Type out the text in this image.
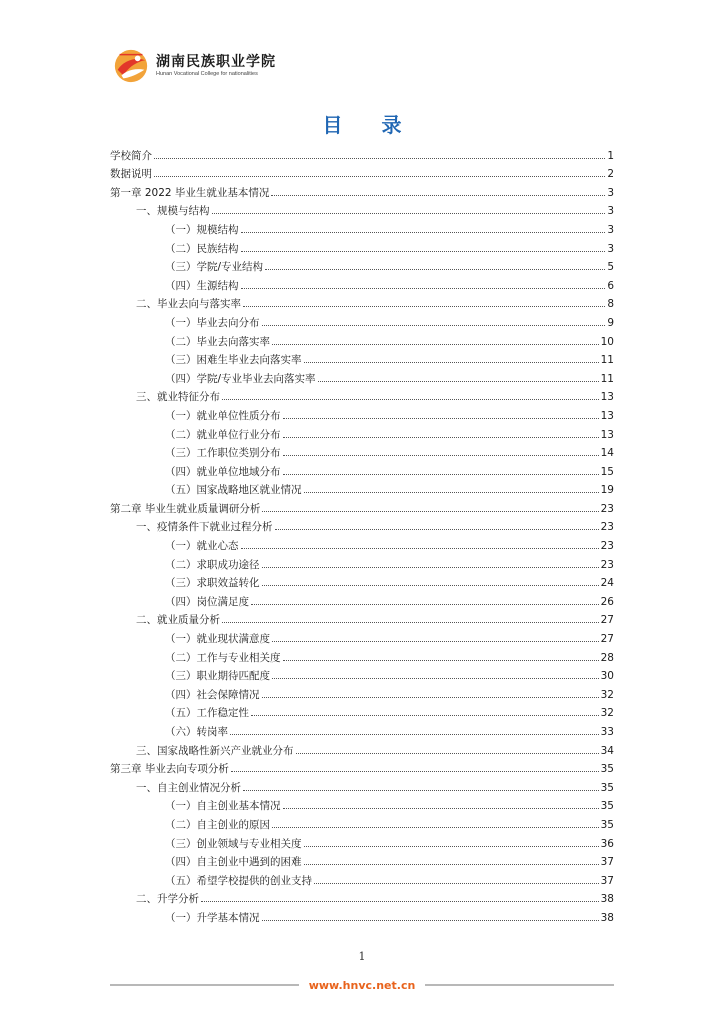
湖南民族职业学院
Hunan Vocational College for nationalities
目 录
学校简介	1
数据说明	2
第一章 2022 毕业生就业基本情况	3
一、规模与结构	3
（一）规模结构	3
（二）民族结构	3
（三）学院/专业结构	5
（四）生源结构	6
二、毕业去向与落实率	8
（一）毕业去向分布	9
（二）毕业去向落实率	10
（三）困难生毕业去向落实率	11
（四）学院/专业毕业去向落实率	11
三、就业特征分布	13
（一）就业单位性质分布	13
（二）就业单位行业分布	13
（三）工作职位类别分布	14
（四）就业单位地域分布	15
（五）国家战略地区就业情况	19
第二章 毕业生就业质量调研分析	23
一、疫情条件下就业过程分析	23
（一）就业心态	23
（二）求职成功途径	23
（三）求职效益转化	24
（四）岗位满足度	26
二、就业质量分析	27
（一）就业现状满意度	27
（二）工作与专业相关度	28
（三）职业期待匹配度	30
（四）社会保障情况	32
（五）工作稳定性	32
（六）转岗率	33
三、国家战略性新兴产业就业分布	34
第三章 毕业去向专项分析	35
一、自主创业情况分析	35
（一）自主创业基本情况	35
（二）自主创业的原因	35
（三）创业领域与专业相关度	36
（四）自主创业中遇到的困难	37
（五）希望学校提供的创业支持	37
二、升学分析	38
（一）升学基本情况	38
1
www.hnvc.net.cn
